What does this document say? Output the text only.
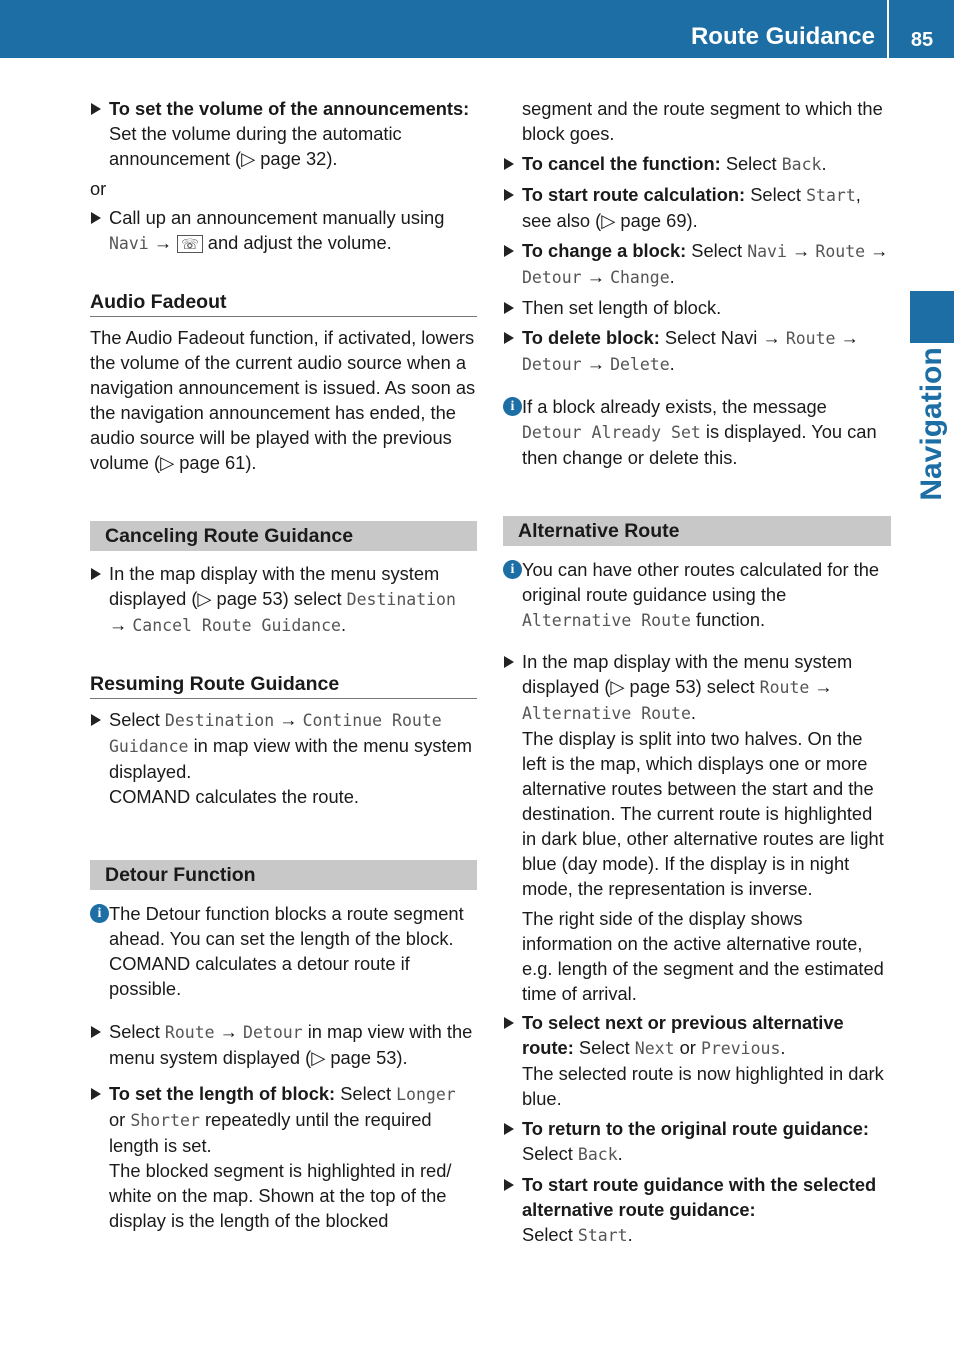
Route Guidance	85
Navigation
To set the volume of the announcements: Set the volume during the automatic announcement (▷ page 32).

or

Call up an announcement manually using Navi → ☏ and adjust the volume.
Audio Fadeout

The Audio Fadeout function, if activated, lowers the volume of the current audio source when a navigation announcement is issued. As soon as the navigation announcement has ended, the audio source will be played with the previous volume (▷ page 61).

Canceling Route Guidance
In the map display with the menu system displayed (▷ page 53) select Destination → Cancel Route Guidance.
Resuming Route Guidance
Select Destination → Continue Route Guidance in map view with the menu system displayed.
COMAND calculates the route.
Detour Function
i The Detour function blocks a route segment ahead. You can set the length of the block. COMAND calculates a detour route if possible.
Select Route → Detour in map view with the menu system displayed (▷ page 53).
To set the length of block: Select Longer or Shorter repeatedly until the required length is set.
The blocked segment is highlighted in red/ white on the map. Shown at the top of the display is the length of the blocked

segment and the route segment to which the block goes.

To cancel the function: Select Back.
To start route calculation: Select Start, see also (▷ page 69).
To change a block: Select Navi → Route → Detour → Change.
Then set length of block.
To delete block: Select Navi → Route → Detour → Delete.
i If a block already exists, the message Detour Already Set is displayed. You can then change or delete this.
Alternative Route
i You can have other routes calculated for the original route guidance using the Alternative Route function.
In the map display with the menu system displayed (▷ page 53) select Route → Alternative Route.
The display is split into two halves. On the left is the map, which displays one or more alternative routes between the start and the destination. The current route is highlighted in dark blue, other alternative routes are light blue (day mode). If the display is in night mode, the representation is inverse.

The right side of the display shows information on the active alternative route, e.g. length of the segment and the estimated time of arrival.

To select next or previous alternative route: Select Next or Previous.
The selected route is now highlighted in dark blue.
To return to the original route guidance:
Select Back.
To start route guidance with the selected alternative route guidance:
Select Start.
